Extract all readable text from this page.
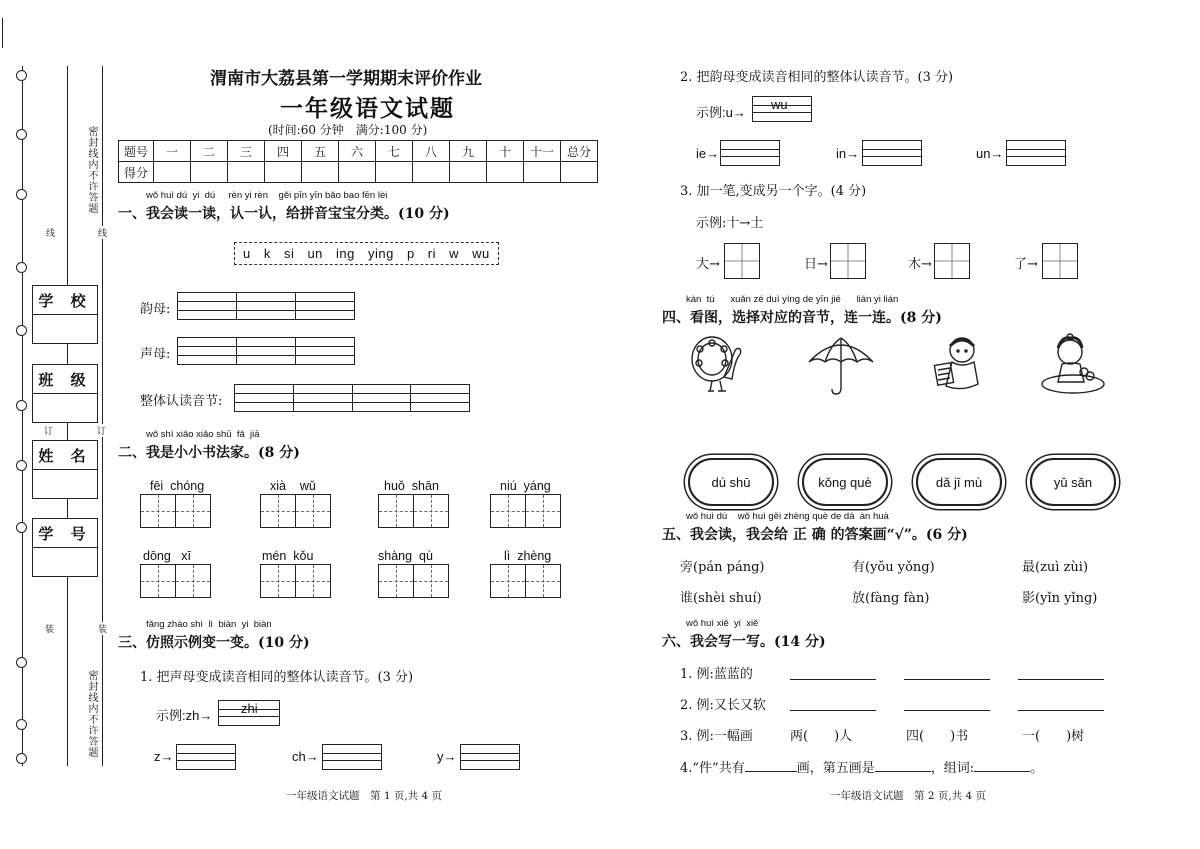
密封线内不许答题
密封线内不许答题
线	线
订	订
装	装
学 校
班 级
姓 名
学 号
渭南市大荔县第一学期期末评价作业
一年级语文试题
(时间:60 分钟　满分:100 分)
题号	一	二	三	四	五	六	七	八	九	十	十一	总分
得分												
wǒ huì dú  yi  dú     rèn yi rèn    gěi pīn yīn bǎo bao fēn lèi
一、我会读一读，认一认，给拼音宝宝分类。(10 分)
u k si un ing ying p ri w wu
韵母:
声母:
整体认读音节:
wǒ shì xiǎo xiǎo shū  fǎ  jiā
二、我是小小书法家。(8 分)
fēi  chóng	xià    wǔ	huǒ  shān	niú  yáng
dōng   xī	mén  kǒu	shàng  qù	lì  zhèng
fǎng zhào shì  lì  biàn  yi  biàn
三、仿照示例变一变。(10 分)
1. 把声母变成读音相同的整体认读音节。(3 分)
示例:zh→ zhi
z→	ch→	y→
一年级语文试题　第 1 页,共 4 页
2. 把韵母变成读音相同的整体认读音节。(3 分)
示例:u→
wu
ie→	in→	un→
3. 加一笔,变成另一个字。(4 分)
示例:十→土
大→	日→	木→	了→
kàn  tú      xuǎn zé duì yìng de yīn jié      lián yi lián
四、看图，选择对应的音节，连一连。(8 分)
dú shū	kǒng què	dǎ jī mù	yǔ sǎn
wǒ huì dú    wǒ huì gěi zhèng què de dá  àn huà
五、我会读，我会给 正 确 的答案画“√”。(6 分)
旁(pán páng)	有(yǒu yǒng)	最(zuì zùi)
谁(shèi shuí)	放(fàng fàn)	影(yǐn yǐng)
wǒ huì xiě  yi  xiě
六、我会写一写。(14 分)
1. 例:蓝蓝的
2. 例:又长又软
3. 例:一幅画	两(　　)人	四(　　)书	一(　　)树
4.“件”共有	画，第五画是	，组词:	。
一年级语文试题　第 2 页,共 4 页
